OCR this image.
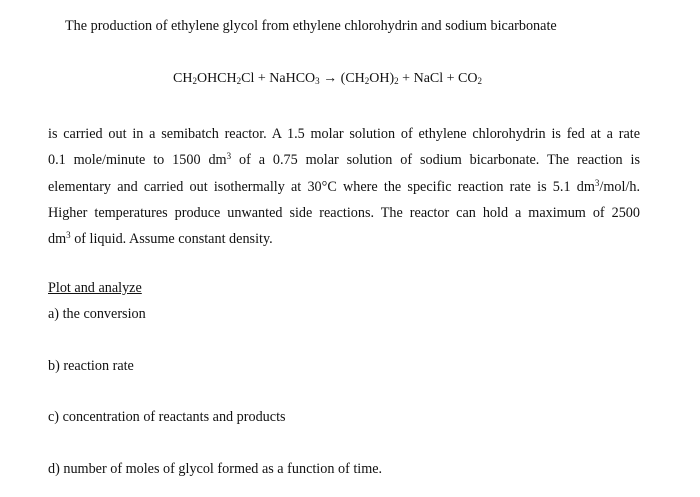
The production of ethylene glycol from ethylene chlorohydrin and sodium bicarbonate
$CH_2OHCH_2Cl$ + NaHCO$_3$ → $(CH_2OH)_2$ + NaCl + $CO_2$
is carried out in a semibatch reactor. A 1.5 molar solution of ethylene chlorohydrin is fed at a rate
0.1 mole/minute to 1500 $dm^3$ of a 0.75 molar solution of sodium bicarbonate. The reaction is
elementary and carried out isothermally at 30°C where the specific reaction rate is 5.1 $dm^3/mol/h$.
Higher temperatures produce unwanted side reactions. The reactor can hold a maximum of 2500
$dm^3$ of liquid. Assume constant density.
Plot and analyze
a) the conversion
b) reaction rate
c) concentration of reactants and products
d) number of moles of glycol formed as a function of time.
